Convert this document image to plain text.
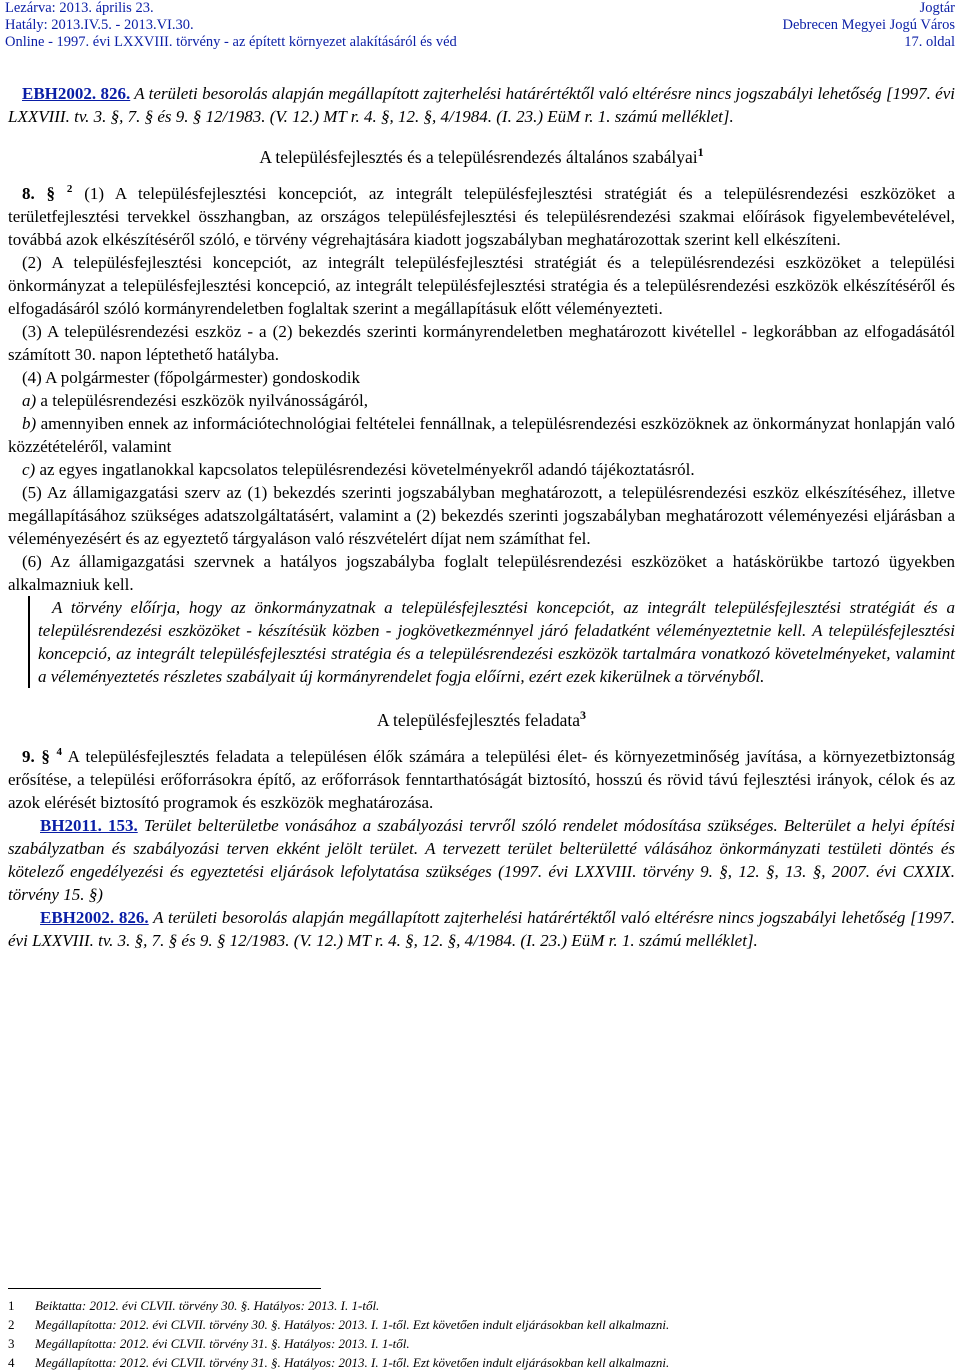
Lezárva: 2013. április 23.
Hatály: 2013.IV.5. - 2013.VI.30.
Online - 1997. évi LXXVIII. törvény - az épített környezet alakításáról és véd
Jogtár
Debrecen Megyei Jogú Város
17. oldal

EBH2002. 826. A területi besorolás alapján megállapított zajterhelési határértéktől való eltérésre nincs jogszabályi lehetőség [1997. évi LXXVIII. tv. 3. §, 7. § és 9. § 12/1983. (V. 12.) MT r. 4. §, 12. §, 4/1984. (I. 23.) EüM r. 1. számú melléklet].

A településfejlesztés és a településrendezés általános szabályai$^1$

8. § $^2$ (1) A településfejlesztési koncepciót, az integrált településfejlesztési stratégiát és a településrendezési eszközöket a területfejlesztési tervekkel összhangban, az országos településfejlesztési és településrendezési szakmai előírások figyelembevételével, továbbá azok elkészítéséről szóló, e törvény végrehajtására kiadott jogszabályban meghatározottak szerint kell elkészíteni.

(2) A településfejlesztési koncepciót, az integrált településfejlesztési stratégiát és a településrendezési eszközöket a települési önkormányzat a településfejlesztési koncepció, az integrált településfejlesztési stratégia és a településrendezési eszközök elkészítéséről és elfogadásáról szóló kormányrendeletben foglaltak szerint a megállapításuk előtt véleményezteti.

(3) A településrendezési eszköz - a (2) bekezdés szerinti kormányrendeletben meghatározott kivétellel - legkorábban az elfogadásától számított 30. napon léptethető hatályba.

(4) A polgármester (főpolgármester) gondoskodik

a) a településrendezési eszközök nyilvánosságáról,

b) amennyiben ennek az információtechnológiai feltételei fennállnak, a településrendezési eszközöknek az önkormányzat honlapján való közzétételéről, valamint

c) az egyes ingatlanokkal kapcsolatos településrendezési követelményekről adandó tájékoztatásról.

(5) Az államigazgatási szerv az (1) bekezdés szerinti jogszabályban meghatározott, a településrendezési eszköz elkészítéséhez, illetve megállapításához szükséges adatszolgáltatásért, valamint a (2) bekezdés szerinti jogszabályban meghatározott véleményezési eljárásban a véleményezésért és az egyeztető tárgyaláson való részvételért díjat nem számíthat fel.

(6) Az államigazgatási szervnek a hatályos jogszabályba foglalt településrendezési eszközöket a hatáskörükbe tartozó ügyekben alkalmazniuk kell.

A törvény előírja, hogy az önkormányzatnak a településfejlesztési koncepciót, az integrált településfejlesztési stratégiát és a településrendezési eszközöket - készítésük közben - jogkövetkezménnyel járó feladatként véleményeztetnie kell. A településfejlesztési koncepció, az integrált településfejlesztési stratégia és a településrendezési eszközök tartalmára vonatkozó követelményeket, valamint a véleményeztetés részletes szabályait új kormányrendelet fogja előírni, ezért ezek kikerülnek a törvényből.

A településfejlesztés feladata$^3$

9. § $^4$ A településfejlesztés feladata a településen élők számára a települési élet- és környezetminőség javítása, a környezetbiztonság erősítése, a települési erőforrásokra építő, az erőforrások fenntarthatóságát biztosító, hosszú és rövid távú fejlesztési irányok, célok és az azok elérését biztosító programok és eszközök meghatározása.

BH2011. 153. Terület belterületbe vonásához a szabályozási tervről szóló rendelet módosítása szükséges. Belterület a helyi építési szabályzatban és szabályozási terven ekként jelölt terület. A tervezett terület belterületté válásához önkormányzati testületi döntés és kötelező engedélyezési és egyeztetési eljárások lefolytatása szükséges (1997. évi LXXVIII. törvény 9. §, 12. §, 13. §, 2007. évi CXXIX. törvény 15. §)

EBH2002. 826. A területi besorolás alapján megállapított zajterhelési határértéktől való eltérésre nincs jogszabályi lehetőség [1997. évi LXXVIII. tv. 3. §, 7. § és 9. § 12/1983. (V. 12.) MT r. 4. §, 12. §, 4/1984. (I. 23.) EüM r. 1. számú melléklet].

1 Beiktatta: 2012. évi CLVII. törvény 30. §. Hatályos: 2013. I. 1-től.
2 Megállapította: 2012. évi CLVII. törvény 30. §. Hatályos: 2013. I. 1-től. Ezt követően indult eljárásokban kell alkalmazni.
3 Megállapította: 2012. évi CLVII. törvény 31. §. Hatályos: 2013. I. 1-től.
4 Megállapította: 2012. évi CLVII. törvény 31. §. Hatályos: 2013. I. 1-től. Ezt követően indult eljárásokban kell alkalmazni.
